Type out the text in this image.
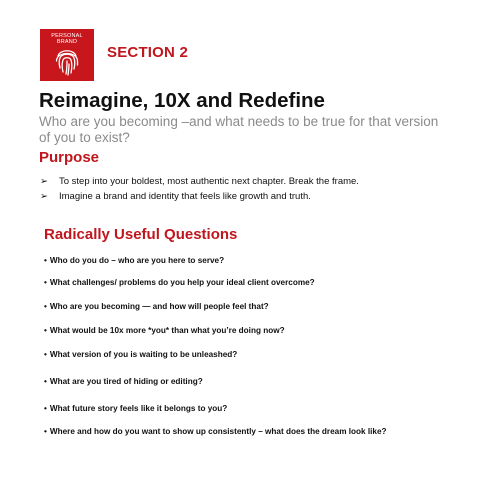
PERSONAL
BRAND
SECTION 2
Reimagine, 10X and Redefine
Who are you becoming –and what needs to be true for that version of you to exist?
Purpose
➢ To step into your boldest, most authentic next chapter. Break the frame.
➢ Imagine a brand and identity that feels like growth and truth.
Radically Useful Questions
• Who do you do – who are you here to serve?
• What challenges/ problems do you help your ideal client overcome?
• Who are you becoming — and how will people feel that?
• What would be 10x more *you* than what you’re doing now?
• What version of you is waiting to be unleashed?
• What are you tired of hiding or editing?
• What future story feels like it belongs to you?
• Where and how do you want to show up consistently – what does the dream look like?
